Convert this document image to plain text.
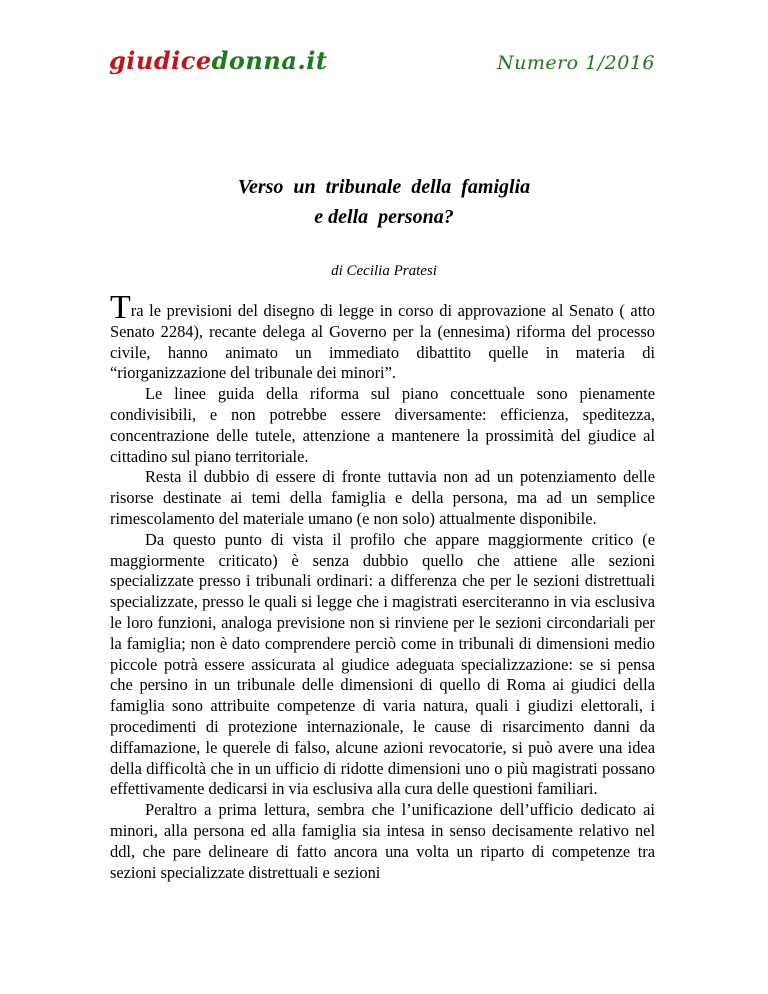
giudicedonna.it	Numero 1/2016
Verso  un  tribunale  della  famiglia
e della  persona?
di Cecilia Pratesi

Tra le previsioni del disegno di legge in corso di approvazione al Senato ( atto Senato 2284), recante delega al Governo per la (ennesima) riforma del processo civile, hanno animato un immediato dibattito quelle in materia di “riorganizzazione del tribunale dei minori”.

Le linee guida della riforma sul piano concettuale sono pienamente condivisibili, e non potrebbe essere diversamente: efficienza, speditezza, concentrazione delle tutele, attenzione a mantenere la prossimità del giudice al cittadino sul piano territoriale.

Resta il dubbio di essere di fronte tuttavia non ad un potenziamento delle risorse destinate ai temi della famiglia e della persona, ma ad un semplice rimescolamento del materiale umano (e non solo) attualmente disponibile.

Da questo punto di vista il profilo che appare maggiormente critico (e maggiormente criticato) è senza dubbio quello che attiene alle sezioni specializzate presso i tribunali ordinari: a differenza che per le sezioni distrettuali specializzate, presso le quali si legge che i magistrati eserciteranno in via esclusiva le loro funzioni, analoga previsione non si rinviene per le sezioni circondariali per la famiglia; non è dato comprendere perciò come in tribunali di dimensioni medio piccole potrà essere assicurata al giudice adeguata specializzazione: se si pensa che persino in un tribunale delle dimensioni di quello di Roma ai giudici della famiglia sono attribuite competenze di varia natura, quali i giudizi elettorali, i procedimenti di protezione internazionale, le cause di risarcimento danni da diffamazione, le querele di falso, alcune azioni revocatorie, si può avere una idea della difficoltà che in un ufficio di ridotte dimensioni uno o più magistrati possano effettivamente dedicarsi in via esclusiva alla cura delle questioni familiari.

Peraltro a prima lettura, sembra che l’unificazione dell’ufficio dedicato ai minori, alla persona ed alla famiglia sia intesa in senso decisamente relativo nel ddl, che pare delineare di fatto ancora una volta un riparto di competenze tra sezioni specializzate distrettuali e sezioni
